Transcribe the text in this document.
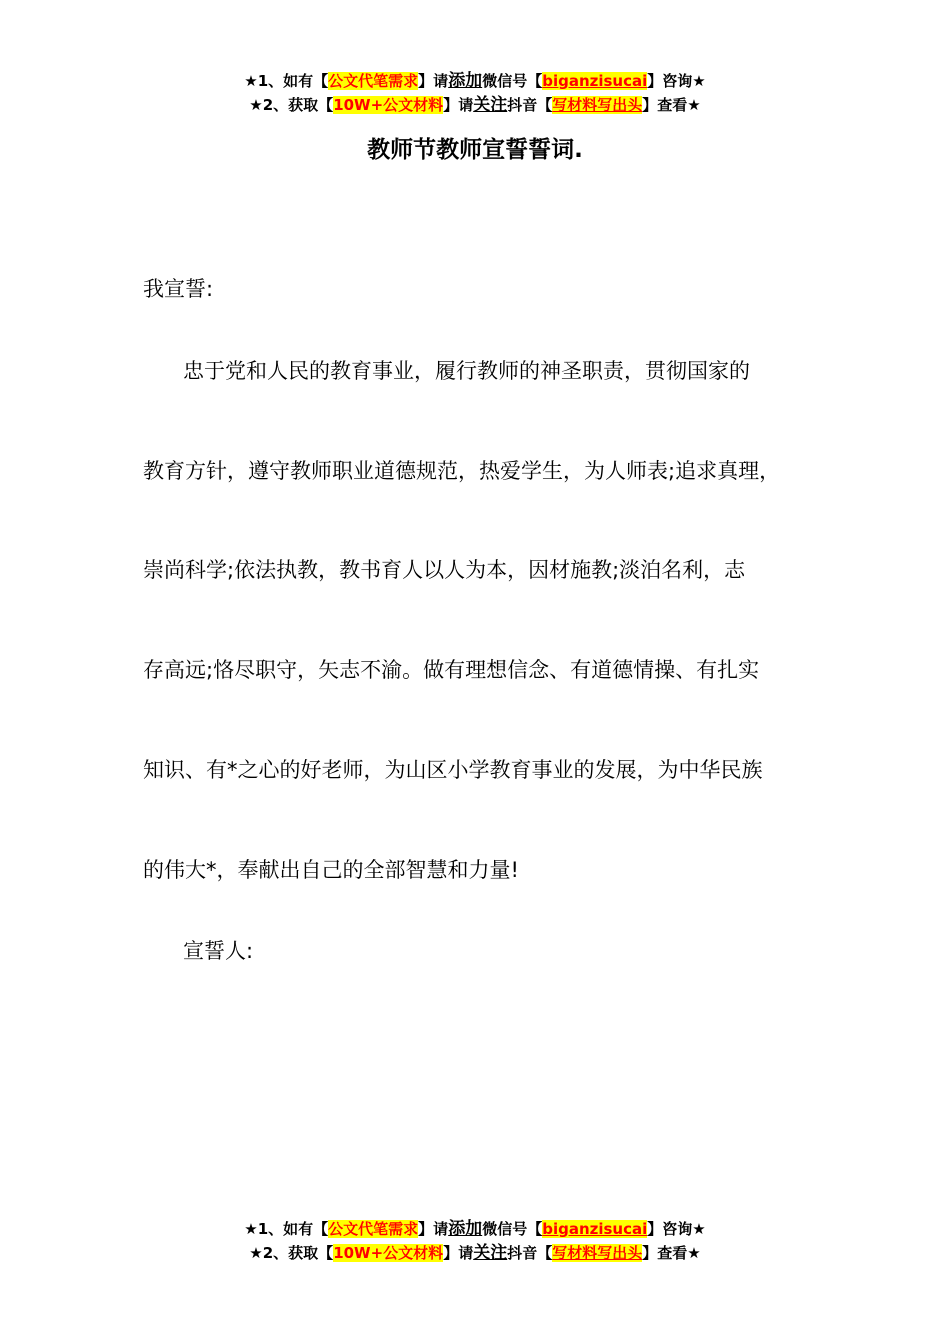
★1、如有【公文代笔需求】请添加微信号【biganzisucai】咨询★
★2、获取【10W+公文材料】请关注抖音【写材料写出头】查看★
教师节教师宣誓誓词.
我宣誓:
忠于党和人民的教育事业，履行教师的神圣职责，贯彻国家的
教育方针，遵守教师职业道德规范，热爱学生，为人师表;追求真理，
崇尚科学;依法执教，教书育人以人为本，因材施教;淡泊名利，志
存高远;恪尽职守，矢志不渝。做有理想信念、有道德情操、有扎实
知识、有*之心的好老师，为山区小学教育事业的发展，为中华民族
的伟大*，奉献出自己的全部智慧和力量!
宣誓人:
★1、如有【公文代笔需求】请添加微信号【biganzisucai】咨询★
★2、获取【10W+公文材料】请关注抖音【写材料写出头】查看★
